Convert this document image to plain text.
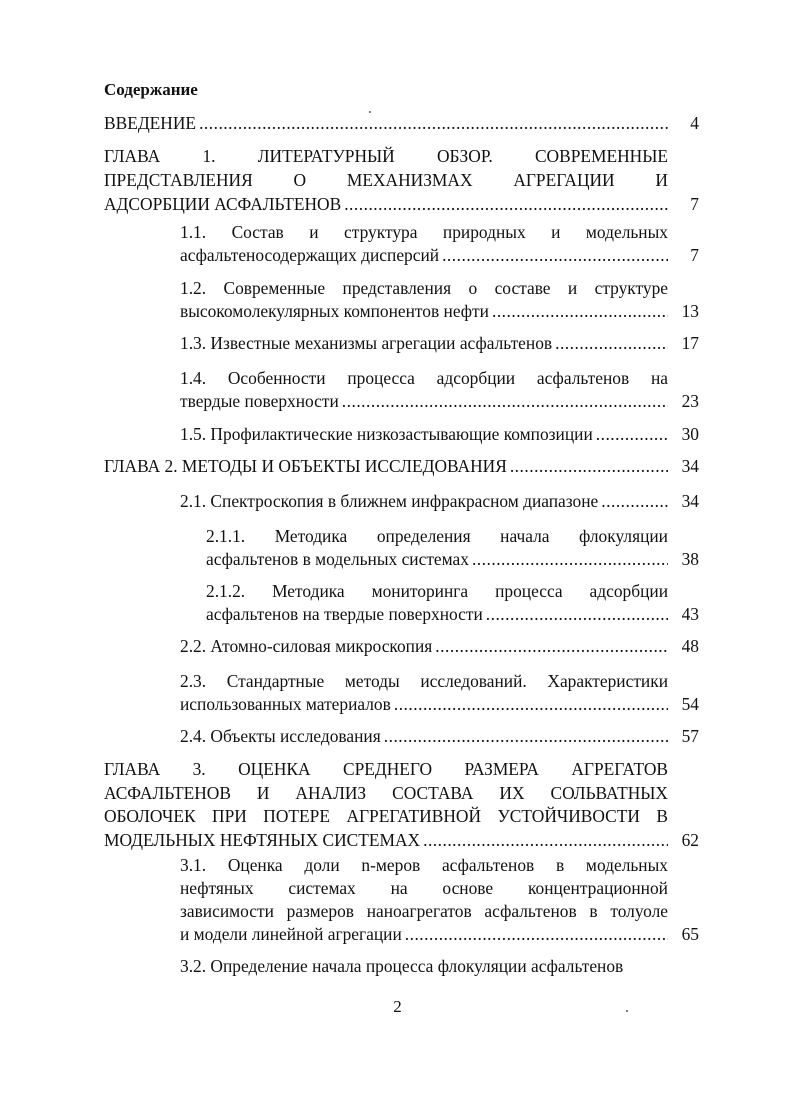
Содержание
ВВЕДЕНИЕ .....	4
ГЛАВА 1. ЛИТЕРАТУРНЫЙ ОБЗОР. СОВРЕМЕННЫЕ
ПРЕДСТАВЛЕНИЯ О МЕХАНИЗМАХ АГРЕГАЦИИ И
АДСОРБЦИИ АСФАЛЬТЕНОВ .....	7
1.1. Состав и структура природных и модельных
асфальтеносодержащих дисперсий .....	7
1.2. Современные представления о составе и структуре
высокомолекулярных компонентов нефти .....	13
1.3. Известные механизмы агрегации асфальтенов .....	17
1.4. Особенности процесса адсорбции асфальтенов на
твердые поверхности .....	23
1.5. Профилактические низкозастывающие композиции .....	30
ГЛАВА 2. МЕТОДЫ И ОБЪЕКТЫ ИССЛЕДОВАНИЯ .....	34
2.1. Спектроскопия в ближнем инфракрасном диапазоне .....	34
2.1.1. Методика определения начала флокуляции
асфальтенов в модельных системах .....	38
2.1.2. Методика мониторинга процесса адсорбции
асфальтенов на твердые поверхности .....	43
2.2. Атомно-силовая микроскопия .....	48
2.3. Стандартные методы исследований. Характеристики
использованных материалов .....	54
2.4. Объекты исследования .....	57
ГЛАВА 3. ОЦЕНКА СРЕДНЕГО РАЗМЕРА АГРЕГАТОВ
АСФАЛЬТЕНОВ И АНАЛИЗ СОСТАВА ИХ СОЛЬВАТНЫХ
ОБОЛОЧЕК ПРИ ПОТЕРЕ АГРЕГАТИВНОЙ УСТОЙЧИВОСТИ В
МОДЕЛЬНЫХ НЕФТЯНЫХ СИСТЕМАХ .....	62
3.1. Оценка доли n-меров асфальтенов в модельных
нефтяных системах на основе концентрационной
зависимости размеров наноагрегатов асфальтенов в толуоле
и модели линейной агрегации .....	65
3.2. Определение начала процесса флокуляции асфальтенов
2
